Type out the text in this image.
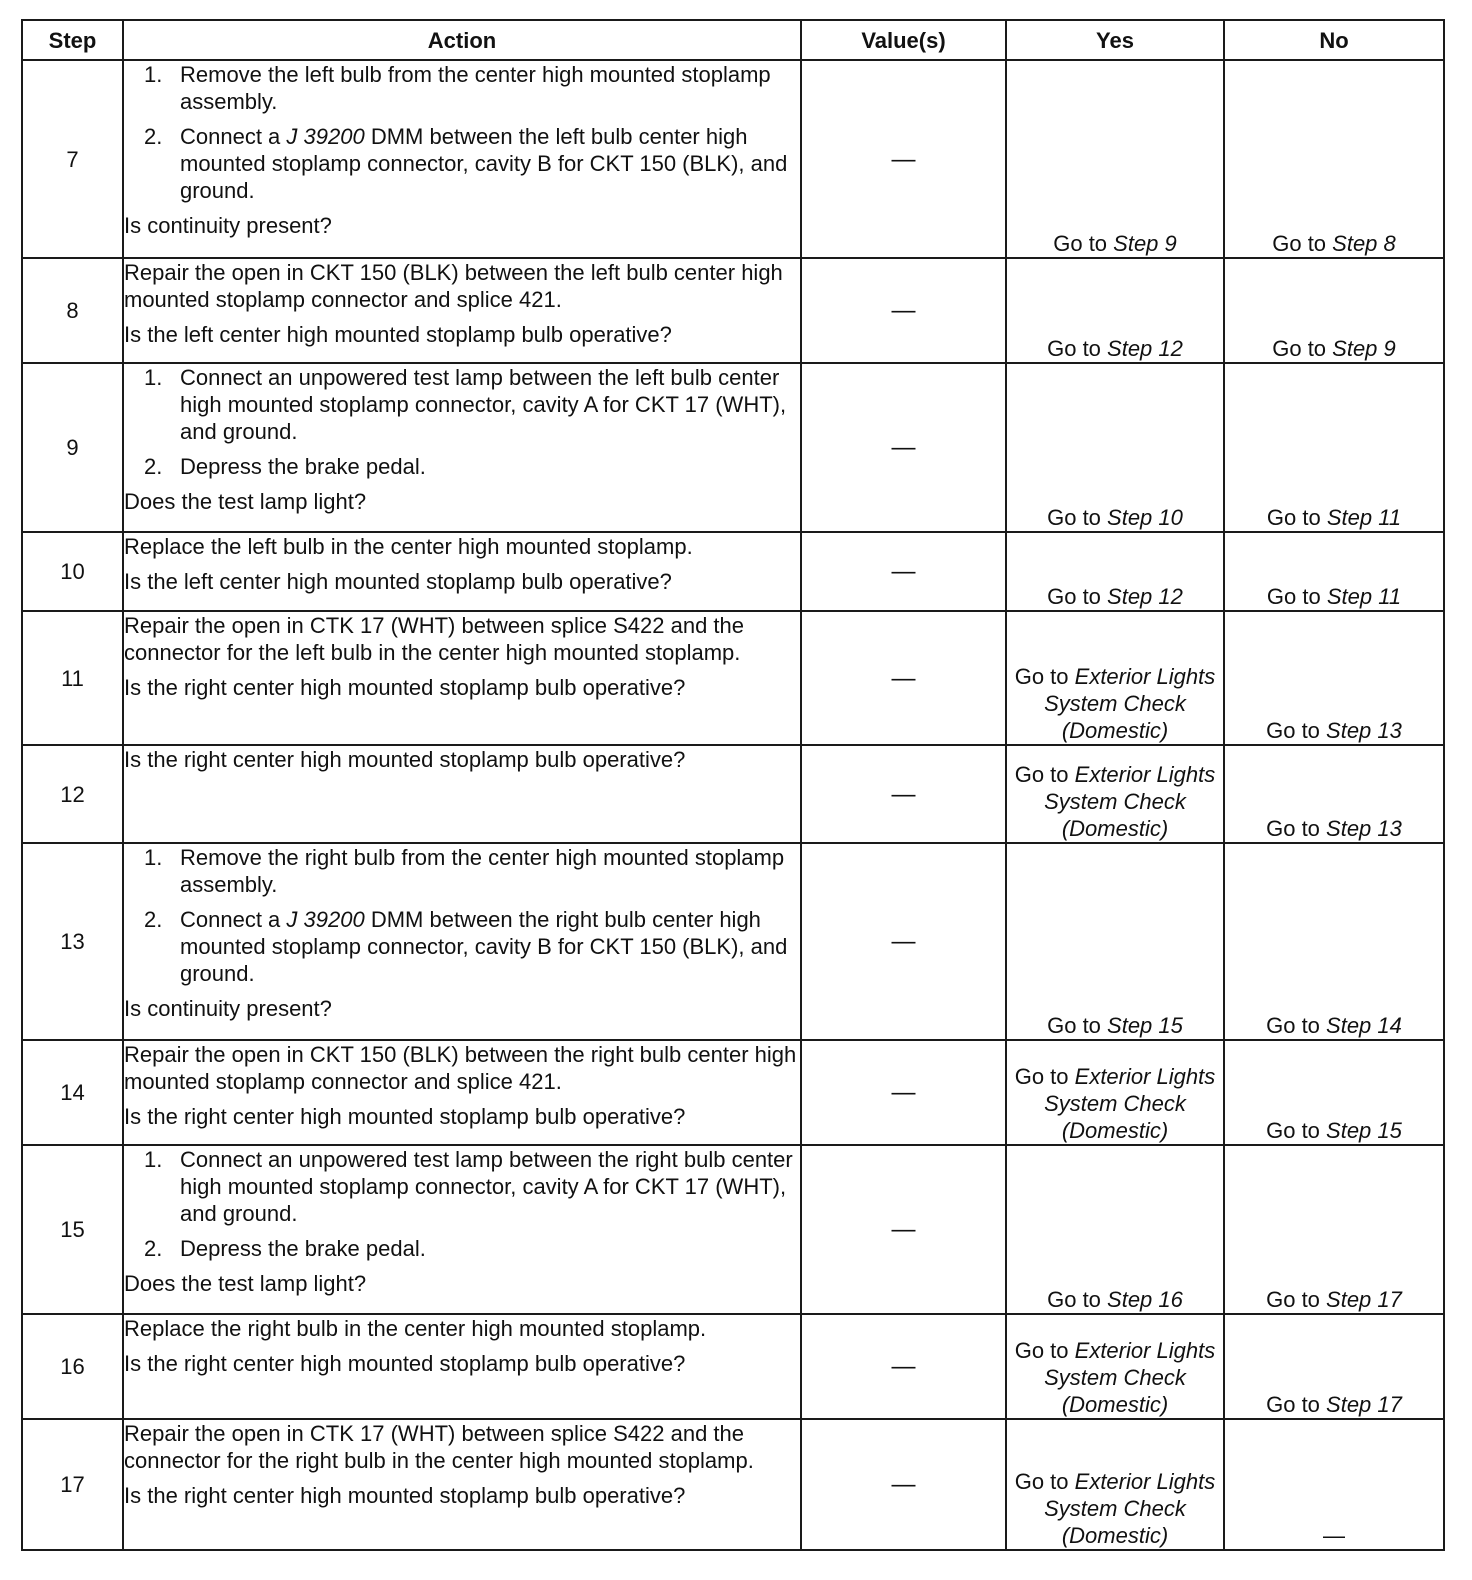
Step	Action	Value(s)	Yes	No
7	1. Remove the left bulb from the center high mounted stoplamp assembly.
2. Connect a J 39200 DMM between the left bulb center high mounted stoplamp connector, cavity B for CKT 150 (BLK), and ground.
Is continuity present?	—	Go to Step 9	Go to Step 8
8	Repair the open in CKT 150 (BLK) between the left bulb center high mounted stoplamp connector and splice 421.
Is the left center high mounted stoplamp bulb operative?	—	Go to Step 12	Go to Step 9
9	1. Connect an unpowered test lamp between the left bulb center high mounted stoplamp connector, cavity A for CKT 17 (WHT), and ground.
2. Depress the brake pedal.
Does the test lamp light?	—	Go to Step 10	Go to Step 11
10	Replace the left bulb in the center high mounted stoplamp.
Is the left center high mounted stoplamp bulb operative?	—	Go to Step 12	Go to Step 11
11	Repair the open in CTK 17 (WHT) between splice S422 and the connector for the left bulb in the center high mounted stoplamp.
Is the right center high mounted stoplamp bulb operative?	—	Go to Exterior Lights System Check (Domestic)	Go to Step 13
12	Is the right center high mounted stoplamp bulb operative?	—	Go to Exterior Lights System Check (Domestic)	Go to Step 13
13	1. Remove the right bulb from the center high mounted stoplamp assembly.
2. Connect a J 39200 DMM between the right bulb center high mounted stoplamp connector, cavity B for CKT 150 (BLK), and ground.
Is continuity present?	—	Go to Step 15	Go to Step 14
14	Repair the open in CKT 150 (BLK) between the right bulb center high mounted stoplamp connector and splice 421.
Is the right center high mounted stoplamp bulb operative?	—	Go to Exterior Lights System Check (Domestic)	Go to Step 15
15	1. Connect an unpowered test lamp between the right bulb center high mounted stoplamp connector, cavity A for CKT 17 (WHT), and ground.
2. Depress the brake pedal.
Does the test lamp light?	—	Go to Step 16	Go to Step 17
16	Replace the right bulb in the center high mounted stoplamp.
Is the right center high mounted stoplamp bulb operative?	—	Go to Exterior Lights System Check (Domestic)	Go to Step 17
17	Repair the open in CTK 17 (WHT) between splice S422 and the connector for the right bulb in the center high mounted stoplamp.
Is the right center high mounted stoplamp bulb operative?	—	Go to Exterior Lights System Check (Domestic)	—
